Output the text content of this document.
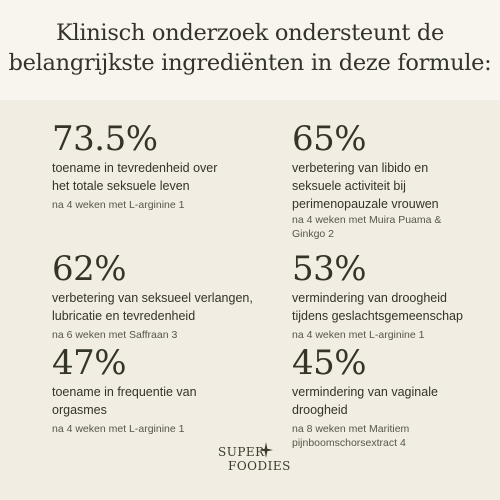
Klinisch onderzoek ondersteunt de
belangrijkste ingrediënten in deze formule:
73.5%
toename in tevredenheid over
het totale seksuele leven
na 4 weken met L-arginine 1
65%
verbetering van libido en
seksuele activiteit bij
perimenopauzale vrouwen
na 4 weken met Muira Puama &
Ginkgo 2
62%
verbetering van seksueel verlangen,
lubricatie en tevredenheid
na 6 weken met Saffraan 3
53%
vermindering van droogheid
tijdens geslachtsgemeenschap
na 4 weken met L-arginine 1
47%
toename in frequentie van
orgasmes
na 4 weken met L-arginine 1
45%
vermindering van vaginale
droogheid
na 8 weken met Maritiem
pijnboomschorsextract 4
SUPER
FOODIES
